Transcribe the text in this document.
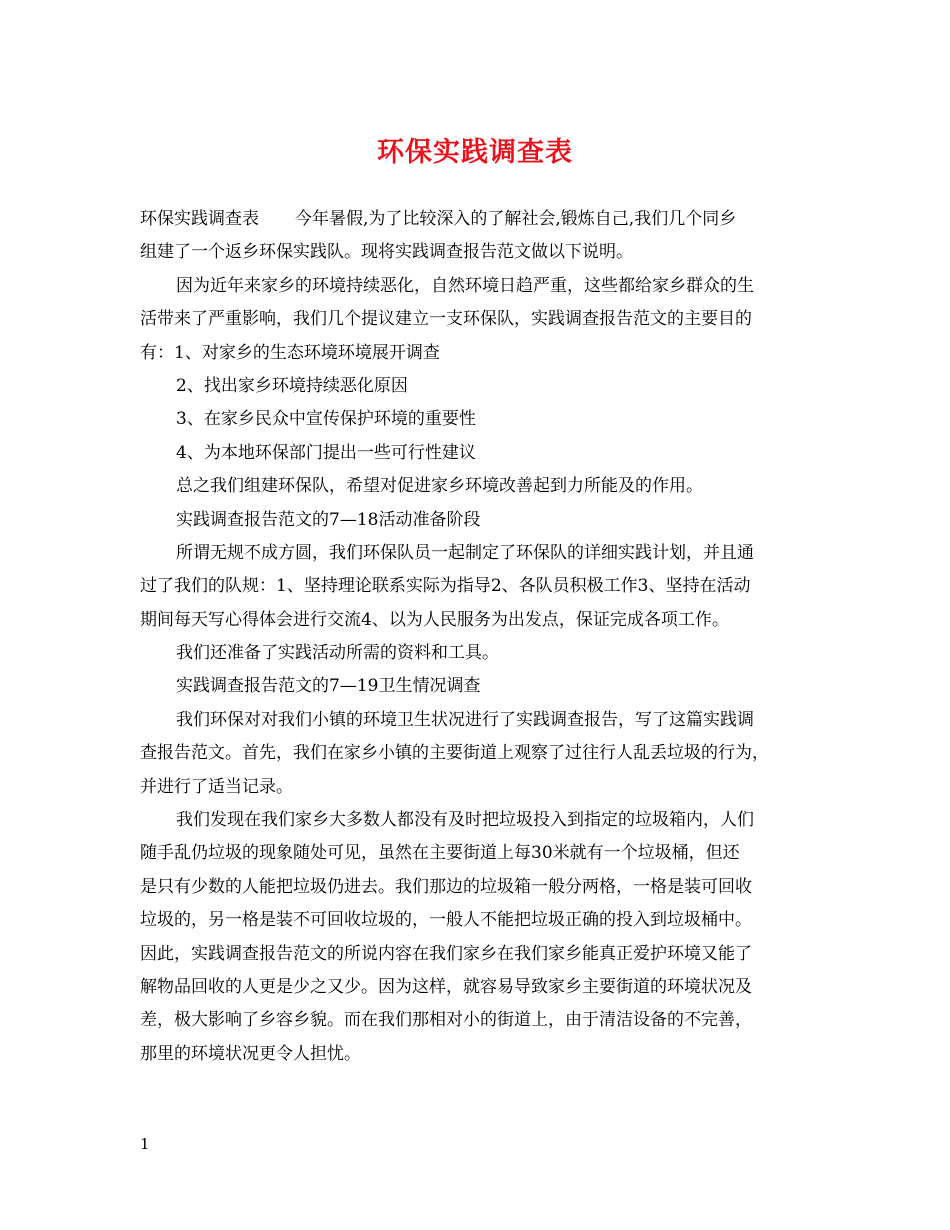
环保实践调查表
环保实践调查表 今年暑假,为了比较深入的了解社会,锻炼自己,我们几个同乡
组建了一个返乡环保实践队。现将实践调查报告范文做以下说明。
因为近年来家乡的环境持续恶化，自然环境日趋严重，这些都给家乡群众的生
活带来了严重影响，我们几个提议建立一支环保队，实践调查报告范文的主要目的
有：1、对家乡的生态环境环境展开调查
2、找出家乡环境持续恶化原因
3、在家乡民众中宣传保护环境的重要性
4、为本地环保部门提出一些可行性建议
总之我们组建环保队，希望对促进家乡环境改善起到力所能及的作用。
实践调查报告范文的7—18活动准备阶段
所谓无规不成方圆，我们环保队员一起制定了环保队的详细实践计划，并且通
过了我们的队规：1、坚持理论联系实际为指导2、各队员积极工作3、坚持在活动
期间每天写心得体会进行交流4、以为人民服务为出发点，保证完成各项工作。
我们还准备了实践活动所需的资料和工具。
实践调查报告范文的7—19卫生情况调查
我们环保对对我们小镇的环境卫生状况进行了实践调查报告，写了这篇实践调
查报告范文。首先，我们在家乡小镇的主要街道上观察了过往行人乱丢垃圾的行为，
并进行了适当记录。
我们发现在我们家乡大多数人都没有及时把垃圾投入到指定的垃圾箱内，人们
随手乱仍垃圾的现象随处可见，虽然在主要街道上每30米就有一个垃圾桶，但还
是只有少数的人能把垃圾仍进去。我们那边的垃圾箱一般分两格，一格是装可回收
垃圾的，另一格是装不可回收垃圾的，一般人不能把垃圾正确的投入到垃圾桶中。
因此，实践调查报告范文的所说内容在我们家乡在我们家乡能真正爱护环境又能了
解物品回收的人更是少之又少。因为这样，就容易导致家乡主要街道的环境状况及
差，极大影响了乡容乡貌。而在我们那相对小的街道上，由于清洁设备的不完善，
那里的环境状况更令人担忧。
1
